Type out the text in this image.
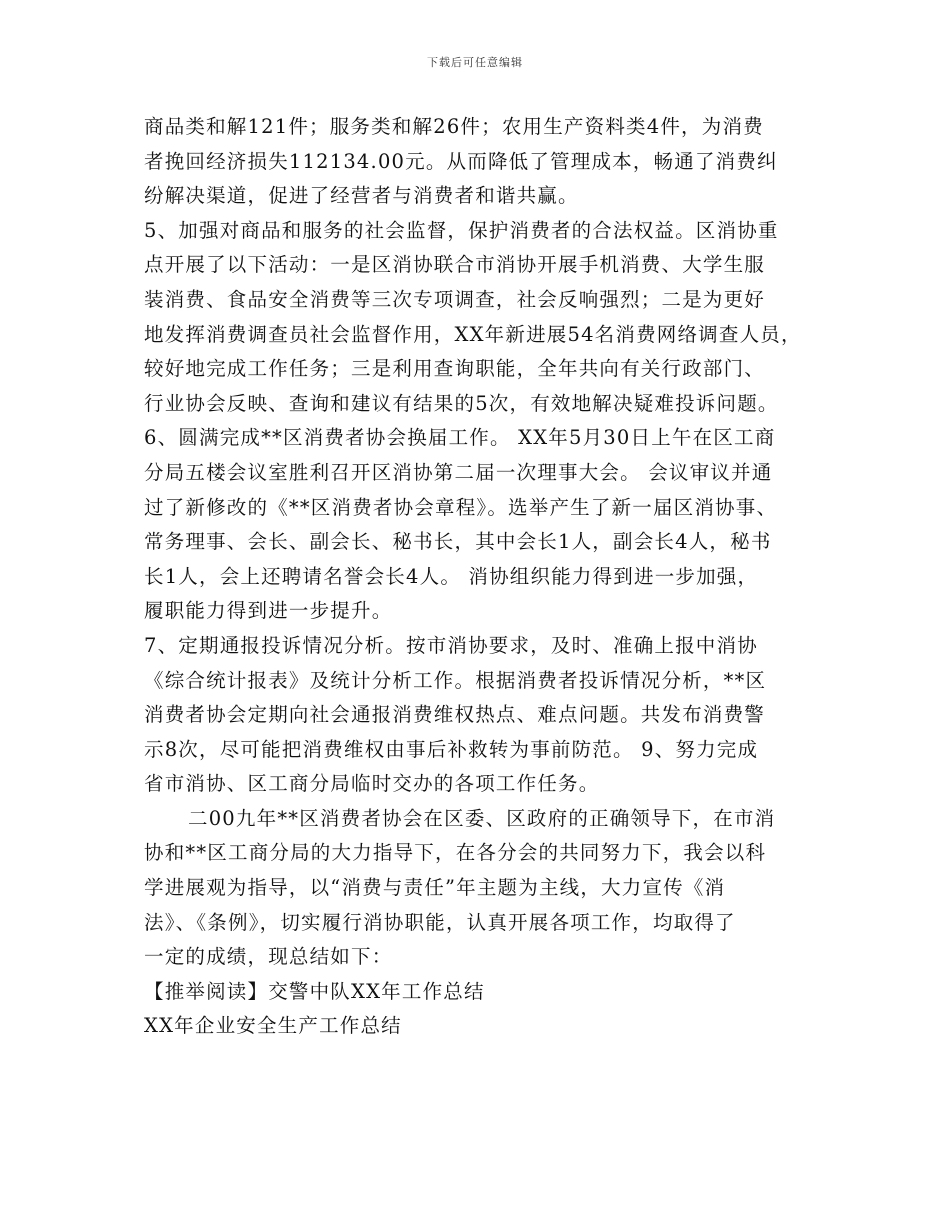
下载后可任意编辑
商品类和解121件；服务类和解26件；农用生产资料类4件，为消费
者挽回经济损失112134.00元。从而降低了管理成本，畅通了消费纠
纷解决渠道，促进了经营者与消费者和谐共赢。
5、加强对商品和服务的社会监督，保护消费者的合法权益。区消协重
点开展了以下活动：一是区消协联合市消协开展手机消费、大学生服
装消费、食品安全消费等三次专项调查，社会反响强烈；二是为更好
地发挥消费调查员社会监督作用，XX年新进展54名消费网络调查人员，
较好地完成工作任务；三是利用查询职能，全年共向有关行政部门、
行业协会反映、查询和建议有结果的5次，有效地解决疑难投诉问题。
6、圆满完成**区消费者协会换届工作。 XX年5月30日上午在区工商
分局五楼会议室胜利召开区消协第二届一次理事大会。 会议审议并通
过了新修改的《**区消费者协会章程》。选举产生了新一届区消协事、
常务理事、会长、副会长、秘书长，其中会长1人，副会长4人，秘书
长1人，会上还聘请名誉会长4人。 消协组织能力得到进一步加强，
履职能力得到进一步提升。
7、定期通报投诉情况分析。按市消协要求，及时、准确上报中消协
《综合统计报表》及统计分析工作。根据消费者投诉情况分析，**区
消费者协会定期向社会通报消费维权热点、难点问题。共发布消费警
示8次，尽可能把消费维权由事后补救转为事前防范。 9、努力完成
省市消协、区工商分局临时交办的各项工作任务。
二00九年**区消费者协会在区委、区政府的正确领导下，在市消
协和**区工商分局的大力指导下，在各分会的共同努力下，我会以科
学进展观为指导，以“消费与责任”年主题为主线，大力宣传《消
法》、《条例》，切实履行消协职能，认真开展各项工作，均取得了
一定的成绩，现总结如下：
【推举阅读】交警中队XX年工作总结
XX年企业安全生产工作总结
